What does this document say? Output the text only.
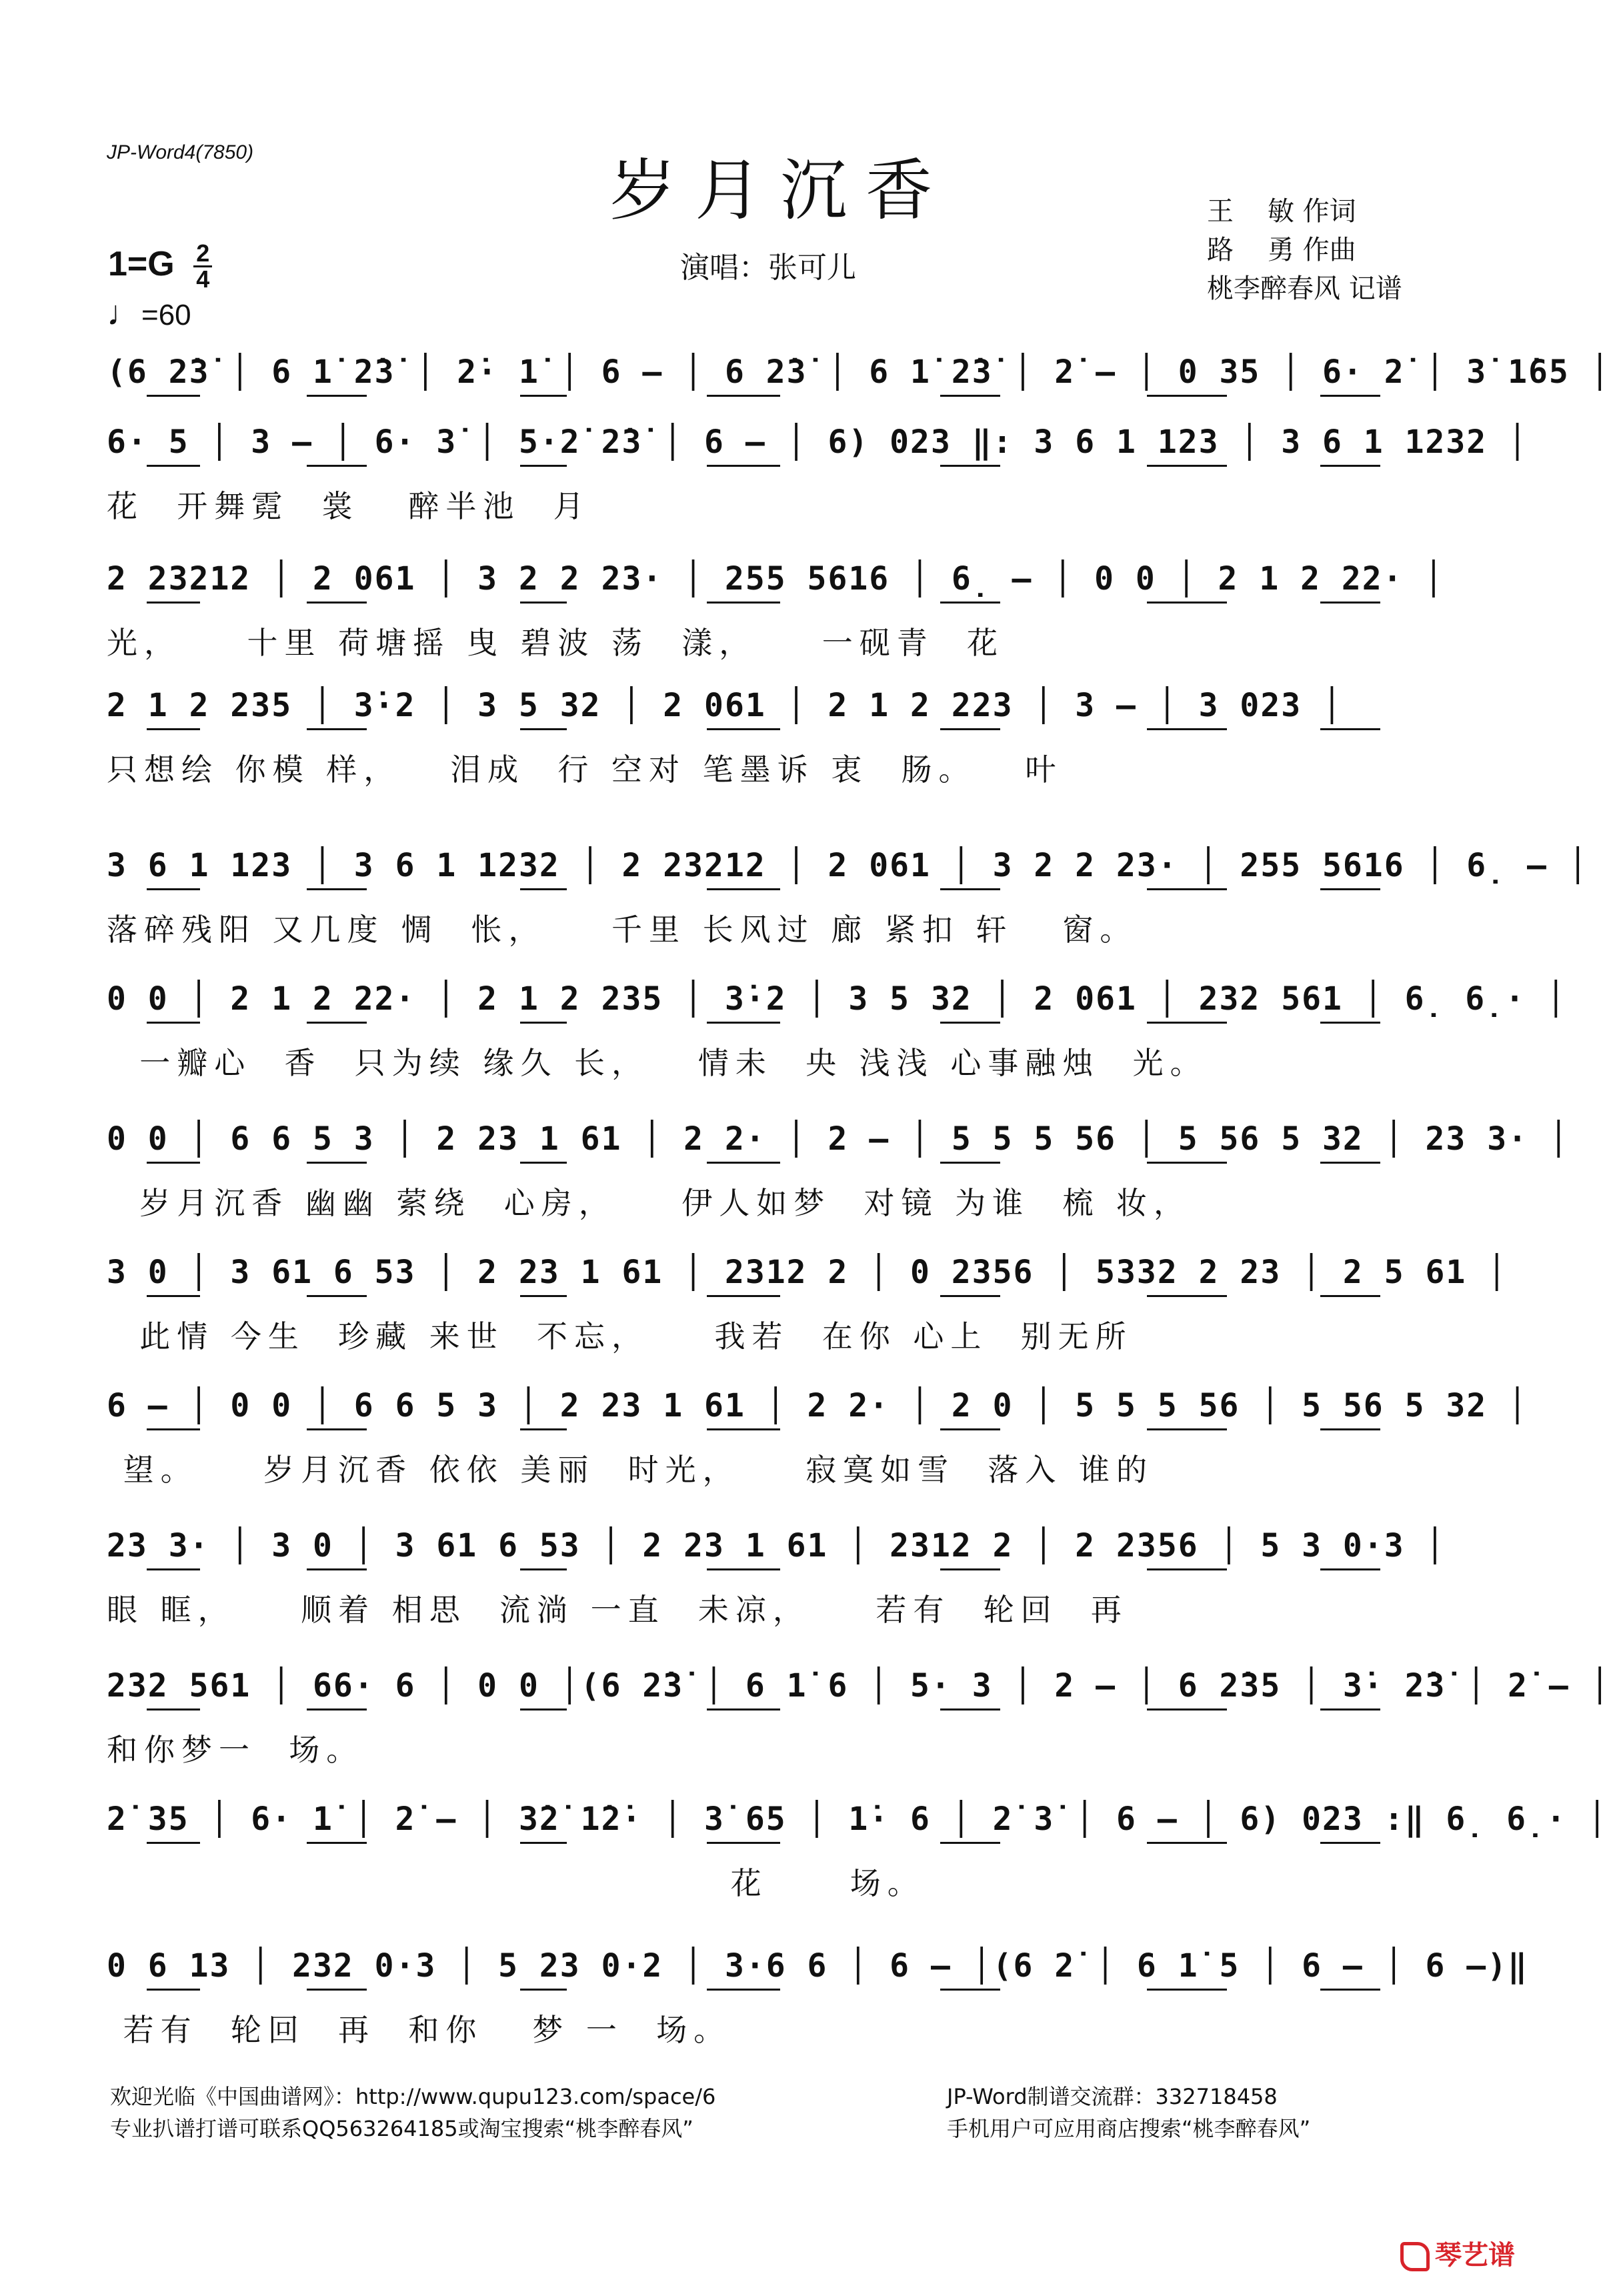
JP-Word4(7850)	岁月沉香
演唱：张可儿
王    敏 作词
路    勇 作曲
桃李醉春风 记谱
$1=G \frac{2}{4}$
♩=60
(6 2̇3̇ │ 6 1̇ 2̇3̇ │ 2̇· 1̇ │ 6 – │ 6 2̇3̇ │ 6 1̇ 2̇3̇ │ 2̇ – │ 0 35 │ 6· 2̇ │ 3̇ 1̇65 │
6· 5 │ 3 – │ 6· 3̇ │ 5·2̇ 2̇3̇ │ 6 – │ 6) 023 ‖: 3 6 1 123 │ 3 6 1 1232 │
花  开舞霓  裳   醉半池  月
2 23212 │ 2 061 │ 3 2 2 23· │ 255 5616 │ 6̣ – │ 0 0 │ 2 1 2 22· │
光，    十里 荷塘摇 曳 碧波 荡  漾，    一砚青  花
2 1 2 235 │ 3̇·2 │ 3 5 32 │ 2 061 │ 2 1 2 223 │ 3 – │ 3 023 │
只想绘 你模 样，   泪成  行 空对 笔墨诉 衷  肠。   叶
3 6 1 123 │ 3 6 1 1232 │ 2 23212 │ 2 061 │ 3 2 2 23· │ 255 5616 │ 6̣ – │
落碎残阳 又几度 惆  怅，    千里 长风过 廊 紧扣 轩   窗。
0 0 │ 2 1 2 22· │ 2 1 2 235 │ 3̇·2 │ 3 5 32 │ 2 061 │ 232 561 │ 6̣ 6̣· │
一瓣心  香  只为续 缘久 长，   情未  央 浅浅 心事融烛  光。
0 0 │ 6 6 5 3 │ 2 23 1 61 │ 2 2· │ 2 – │ 5 5 5 56 │ 5 56 5 32 │ 23 3· │
岁月沉香 幽幽 萦绕  心房，    伊人如梦  对镜 为谁  梳 妆，
3 0 │ 3 61 6 53 │ 2 23 1 61 │ 2312 2 │ 0 2356 │ 5332 2 23 │ 2 5 61 │
此情 今生  珍藏 来世  不忘，    我若  在你 心上  别无所
6 – │ 0 0 │ 6 6 5 3 │ 2 23 1 61 │ 2 2· │ 2 0 │ 5 5 5 56 │ 5 56 5 32 │
望。    岁月沉香 依依 美丽  时光，    寂寞如雪  落入 谁的
23 3· │ 3 0 │ 3 61 6 53 │ 2 23 1 61 │ 2312 2 │ 2 2356 │ 5 3 0·3 │
眼 眶，    顺着 相思  流淌 一直  未凉，    若有  轮回  再
232 561 │ 66· 6 │ 0 0 │(6 2̇3̇ │ 6 1̇ 6 │ 5· 3 │ 2 – │ 6 2̇35 │ 3̇· 2̇3̇ │ 2̇ – │
和你梦一  场。
2̇ 35 │ 6· 1̇ │ 2̇ – │ 3̇2̇ 1̇2̇· │ 3̇ 65 │ 1̇· 6 │ 2̇ 3̇ │ 6 – │ 6) 023 :‖ 6̣ 6̣· │
花     场。
0 6 13 │ 232 0·3 │ 5 23 0·2 │ 3·6 6 │ 6 – │(6 2̇ │ 6 1̇ 5 │ 6 – │ 6 –)‖
若有  轮回  再  和你   梦 一  场。
欢迎光临《中国曲谱网》：http://www.qupu123.com/space/6
专业扒谱打谱可联系QQ563264185或淘宝搜索“桃李醉春风”
JP-Word制谱交流群：332718458
手机用户可应用商店搜索“桃李醉春风”
琴艺谱
